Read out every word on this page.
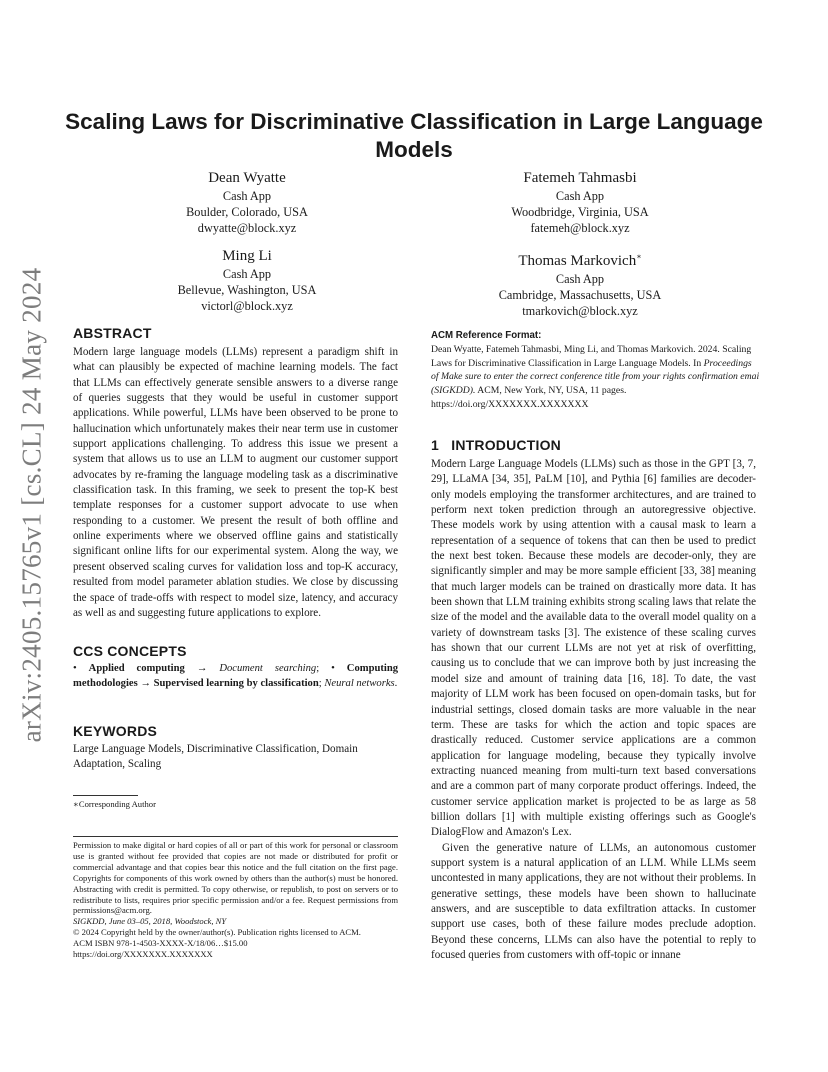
arXiv:2405.15765v1 [cs.CL] 24 May 2024
Scaling Laws for Discriminative Classification in Large Language Models
Dean Wyatte
Cash App
Boulder, Colorado, USA
dwyatte@block.xyz
Fatemeh Tahmasbi
Cash App
Woodbridge, Virginia, USA
fatemeh@block.xyz
Ming Li
Cash App
Bellevue, Washington, USA
victorl@block.xyz
Thomas Markovich∗
Cash App
Cambridge, Massachusetts, USA
tmarkovich@block.xyz
ABSTRACT
Modern large language models (LLMs) represent a paradigm shift in what can plausibly be expected of machine learning models. The fact that LLMs can effectively generate sensible answers to a diverse range of queries suggests that they would be useful in customer support applications. While powerful, LLMs have been observed to be prone to hallucination which unfortunately makes their near term use in customer support applications challenging. To address this issue we present a system that allows us to use an LLM to augment our customer support advocates by re-framing the language modeling task as a discriminative classification task. In this framing, we seek to present the top-K best template responses for a customer support advocate to use when responding to a customer. We present the result of both offline and online experiments where we observed offline gains and statistically significant online lifts for our experimental system. Along the way, we present observed scaling curves for validation loss and top-K accuracy, resulted from model parameter ablation studies. We close by discussing the space of trade-offs with respect to model size, latency, and accuracy as well as and suggesting future applications to explore.
CCS CONCEPTS
• Applied computing → Document searching; • Computing methodologies → Supervised learning by classification; Neural networks.
KEYWORDS
Large Language Models, Discriminative Classification, Domain Adaptation, Scaling
∗Corresponding Author
Permission to make digital or hard copies of all or part of this work for personal or classroom use is granted without fee provided that copies are not made or distributed for profit or commercial advantage and that copies bear this notice and the full citation on the first page. Copyrights for components of this work owned by others than the author(s) must be honored. Abstracting with credit is permitted. To copy otherwise, or republish, to post on servers or to redistribute to lists, requires prior specific permission and/or a fee. Request permissions from permissions@acm.org.
SIGKDD, June 03–05, 2018, Woodstock, NY
© 2024 Copyright held by the owner/author(s). Publication rights licensed to ACM.
ACM ISBN 978-1-4503-XXXX-X/18/06…$15.00
https://doi.org/XXXXXXX.XXXXXXX
ACM Reference Format:
Dean Wyatte, Fatemeh Tahmasbi, Ming Li, and Thomas Markovich. 2024. Scaling Laws for Discriminative Classification in Large Language Models. In Proceedings of Make sure to enter the correct conference title from your rights confirmation emai (SIGKDD). ACM, New York, NY, USA, 11 pages. https://doi.org/XXXXXXX.XXXXXXX
1   INTRODUCTION

Modern Large Language Models (LLMs) such as those in the GPT [3, 7, 29], LLaMA [34, 35], PaLM [10], and Pythia [6] families are decoder-only models employing the transformer architectures, and are trained to perform next token prediction through an autoregressive objective. These models work by using attention with a causal mask to learn a representation of a sequence of tokens that can then be used to predict the next best token. Because these models are decoder-only, they are significantly simpler and may be more sample efficient [33, 38] meaning that much larger models can be trained on drastically more data. It has been shown that LLM training exhibits strong scaling laws that relate the size of the model and the available data to the overall model quality on a variety of downstream tasks [3]. The existence of these scaling curves has shown that our current LLMs are not yet at risk of overfitting, causing us to conclude that we can improve both by just increasing the model size and amount of training data [16, 18]. To date, the vast majority of LLM work has been focused on open-domain tasks, but for industrial settings, closed domain tasks are more valuable in the near term. These are tasks for which the action and topic spaces are drastically reduced. Customer service applications are a common application for language modeling, because they typically involve extracting nuanced meaning from multi-turn text based conversations and are a common part of many corporate product offerings. Indeed, the customer service application market is projected to be as large as 58 billion dollars [1] with multiple existing offerings such as Google's DialogFlow and Amazon's Lex.

Given the generative nature of LLMs, an autonomous customer support system is a natural application of an LLM. While LLMs seem uncontested in many applications, they are not without their problems. In generative settings, these models have been shown to hallucinate answers, and are susceptible to data exfiltration attacks. In customer support use cases, both of these failure modes preclude adoption. Beyond these concerns, LLMs can also have the potential to reply to focused queries from customers with off-topic or innane
